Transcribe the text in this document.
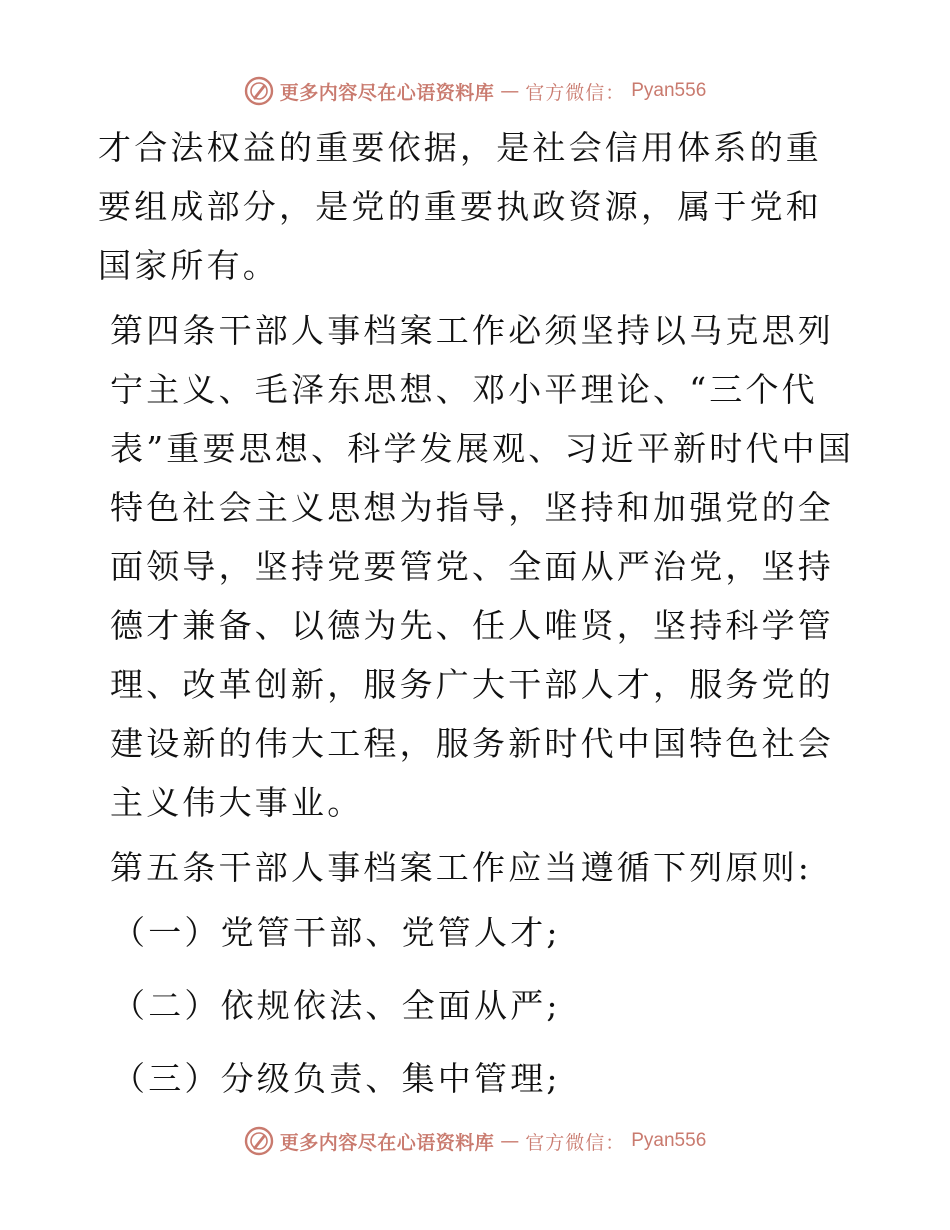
更多内容尽在心语资料库 — 官方微信： Pyan556

才合法权益的重要依据，是社会信用体系的重要组成部分，是党的重要执政资源，属于党和国家所有。

第四条干部人事档案工作必须坚持以马克思列宁主义、毛泽东思想、邓小平理论、“三个代表”重要思想、科学发展观、习近平新时代中国特色社会主义思想为指导，坚持和加强党的全面领导，坚持党要管党、全面从严治党，坚持德才兼备、以德为先、任人唯贤，坚持科学管理、改革创新，服务广大干部人才，服务党的建设新的伟大工程，服务新时代中国特色社会主义伟大事业。

第五条干部人事档案工作应当遵循下列原则:

（一）党管干部、党管人才;

（二）依规依法、全面从严;

（三）分级负责、集中管理;

更多内容尽在心语资料库 — 官方微信： Pyan556
